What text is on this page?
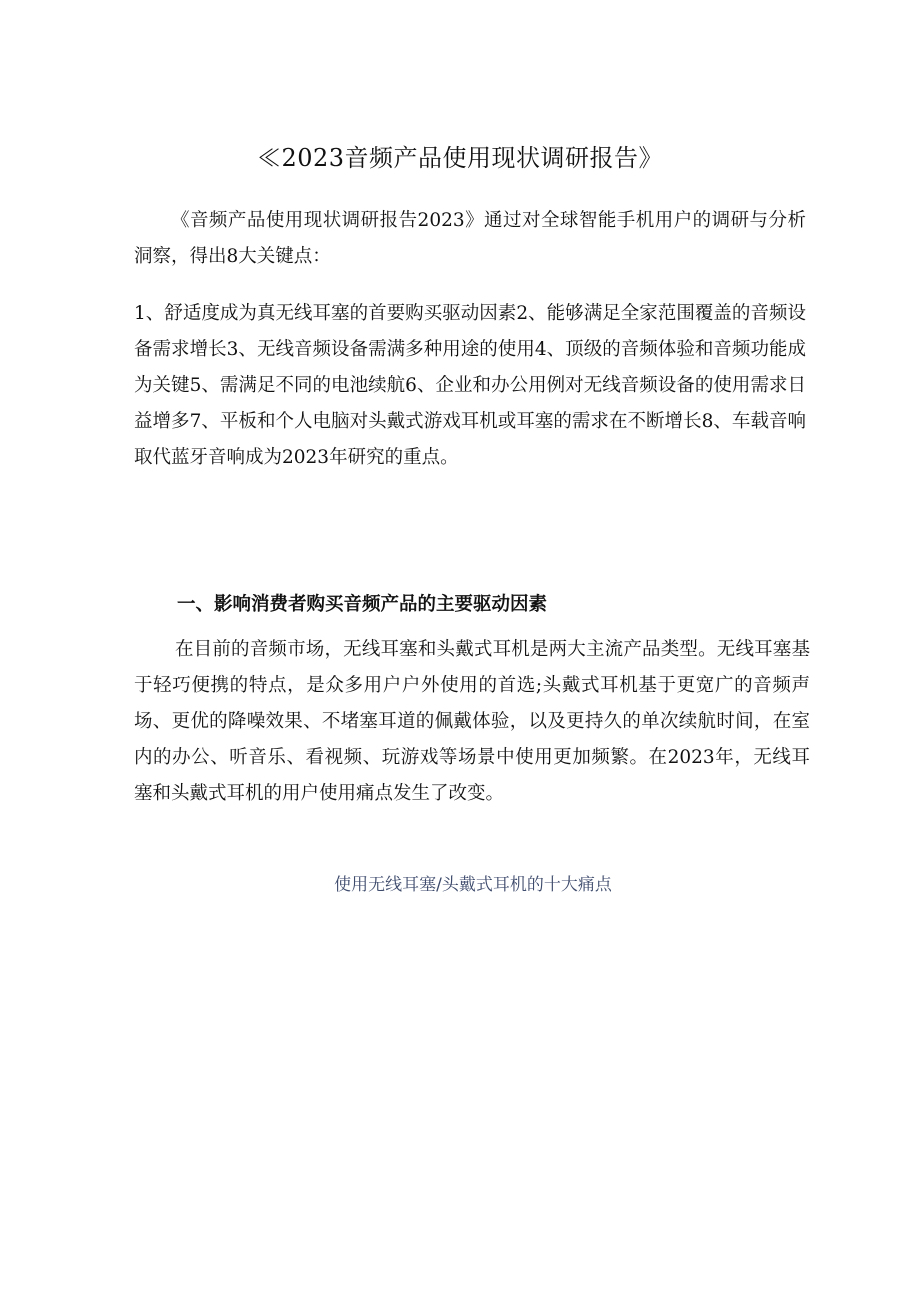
≪2023音频产品使用现状调研报告》

《音频产品使用现状调研报告2023》通过对全球智能手机用户的调研与分析洞察，得出8大关键点：

1、舒适度成为真无线耳塞的首要购买驱动因素2、能够满足全家范围覆盖的音频设备需求增长3、无线音频设备需满多种用途的使用4、顶级的音频体验和音频功能成为关键5、需满足不同的电池续航6、企业和办公用例对无线音频设备的使用需求日益增多7、平板和个人电脑对头戴式游戏耳机或耳塞的需求在不断增长8、车载音响取代蓝牙音响成为2023年研究的重点。

一、影响消费者购买音频产品的主要驱动因素

在目前的音频市场，无线耳塞和头戴式耳机是两大主流产品类型。无线耳塞基于轻巧便携的特点，是众多用户户外使用的首选;头戴式耳机基于更宽广的音频声场、更优的降噪效果、不堵塞耳道的佩戴体验，以及更持久的单次续航时间，在室内的办公、听音乐、看视频、玩游戏等场景中使用更加频繁。在2023年，无线耳塞和头戴式耳机的用户使用痛点发生了改变。

使用无线耳塞/头戴式耳机的十大痛点
